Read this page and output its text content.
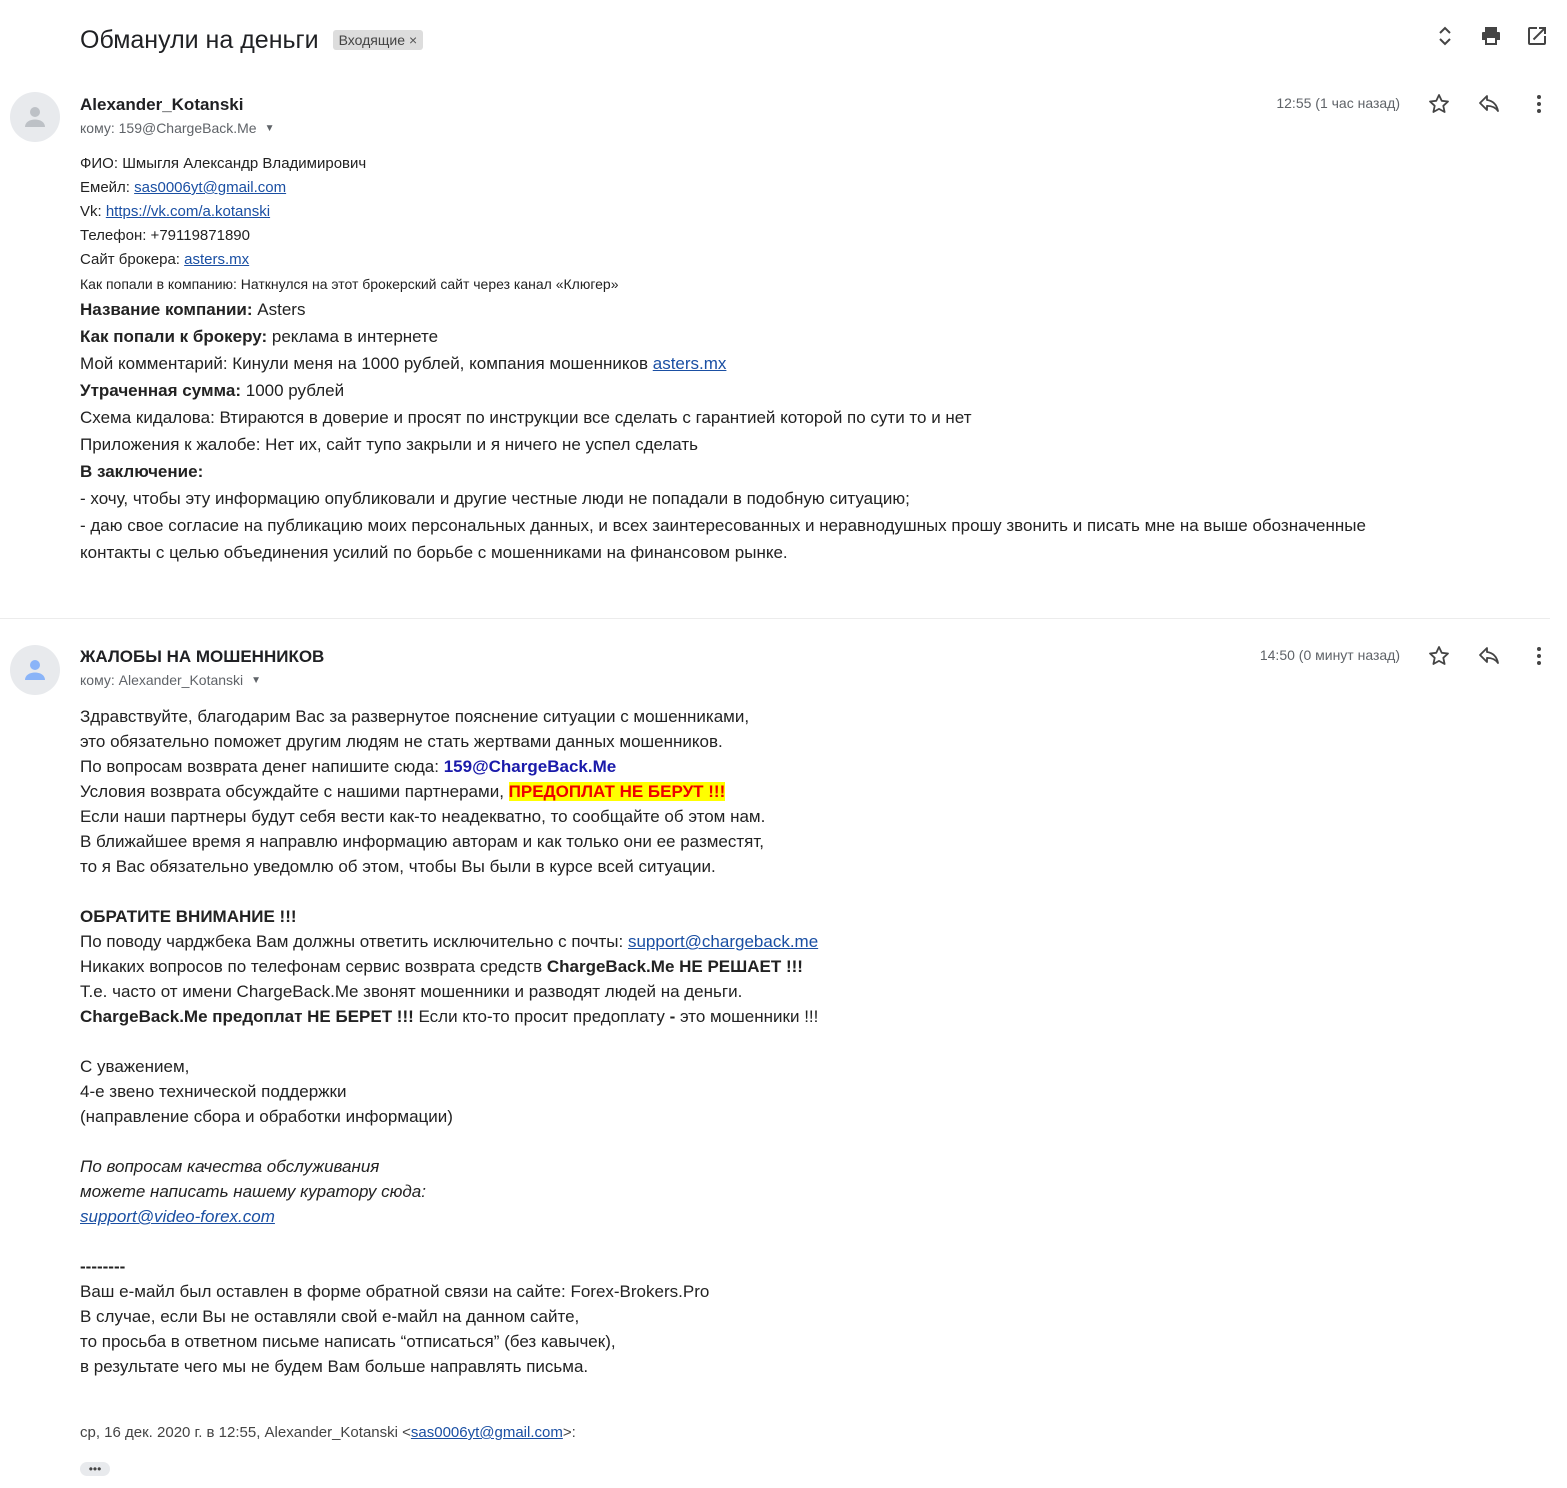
Обманули на деньги Входящие ×
Alexander_Kotanski
кому: 159@ChargeBack.Me ▼
12:55 (1 час назад)
ФИО: Шмыгля Александр Владимирович
Емейл: sas0006yt@gmail.com
Vk: https://vk.com/a.kotanski
Телефон: +79119871890
Сайт брокера: asters.mx
Как попали в компанию: Наткнулся на этот брокерский сайт через канал «Клюгер»
Название компании: Asters
Как попали к брокеру: реклама в интернете
Мой комментарий: Кинули меня на 1000 рублей, компания мошенников asters.mx
Утраченная сумма: 1000 рублей
Схема кидалова: Втираются в доверие и просят по инструкции все сделать с гарантией которой по сути то и нет
Приложения к жалобе: Нет их, сайт тупо закрыли и я ничего не успел сделать
В заключение:
- хочу, чтобы эту информацию опубликовали и другие честные люди не попадали в подобную ситуацию;
- даю свое согласие на публикацию моих персональных данных, и всех заинтересованных и неравнодушных прошу звонить и писать мне на выше обозначенные
контакты с целью объединения усилий по борьбе с мошенниками на финансовом рынке.
ЖАЛОБЫ НА МОШЕННИКОВ
кому: Alexander_Kotanski ▼
14:50 (0 минут назад)
Здравствуйте, благодарим Вас за развернутое пояснение ситуации с мошенниками,
это обязательно поможет другим людям не стать жертвами данных мошенников.
По вопросам возврата денег напишите сюда: 159@ChargeBack.Me
Условия возврата обсуждайте с нашими партнерами, ПРЕДОПЛАТ НЕ БЕРУТ !!!
Если наши партнеры будут себя вести как-то неадекватно, то сообщайте об этом нам.
В ближайшее время я направлю информацию авторам и как только они ее разместят,
то я Вас обязательно уведомлю об этом, чтобы Вы были в курсе всей ситуации.
ОБРАТИТЕ ВНИМАНИЕ !!!
По поводу чарджбека Вам должны ответить исключительно с почты: support@chargeback.me
Никаких вопросов по телефонам сервис возврата средств ChargeBack.Me НЕ РЕШАЕТ !!!
Т.е. часто от имени ChargeBack.Me звонят мошенники и разводят людей на деньги.
ChargeBack.Me предоплат НЕ БЕРЕТ !!! Если кто-то просит предоплату - это мошенники !!!
С уважением,
4-е звено технической поддержки
(направление сбора и обработки информации)
По вопросам качества обслуживания
можете написать нашему куратору сюда:
support@video-forex.com
--------
Ваш е-майл был оставлен в форме обратной связи на сайте: Forex-Brokers.Pro
В случае, если Вы не оставляли свой е-майл на данном сайте,
то просьба в ответном письме написать “отписаться” (без кавычек),
в результате чего мы не будем Вам больше направлять письма.
ср, 16 дек. 2020 г. в 12:55, Alexander_Kotanski <sas0006yt@gmail.com>:
•••
